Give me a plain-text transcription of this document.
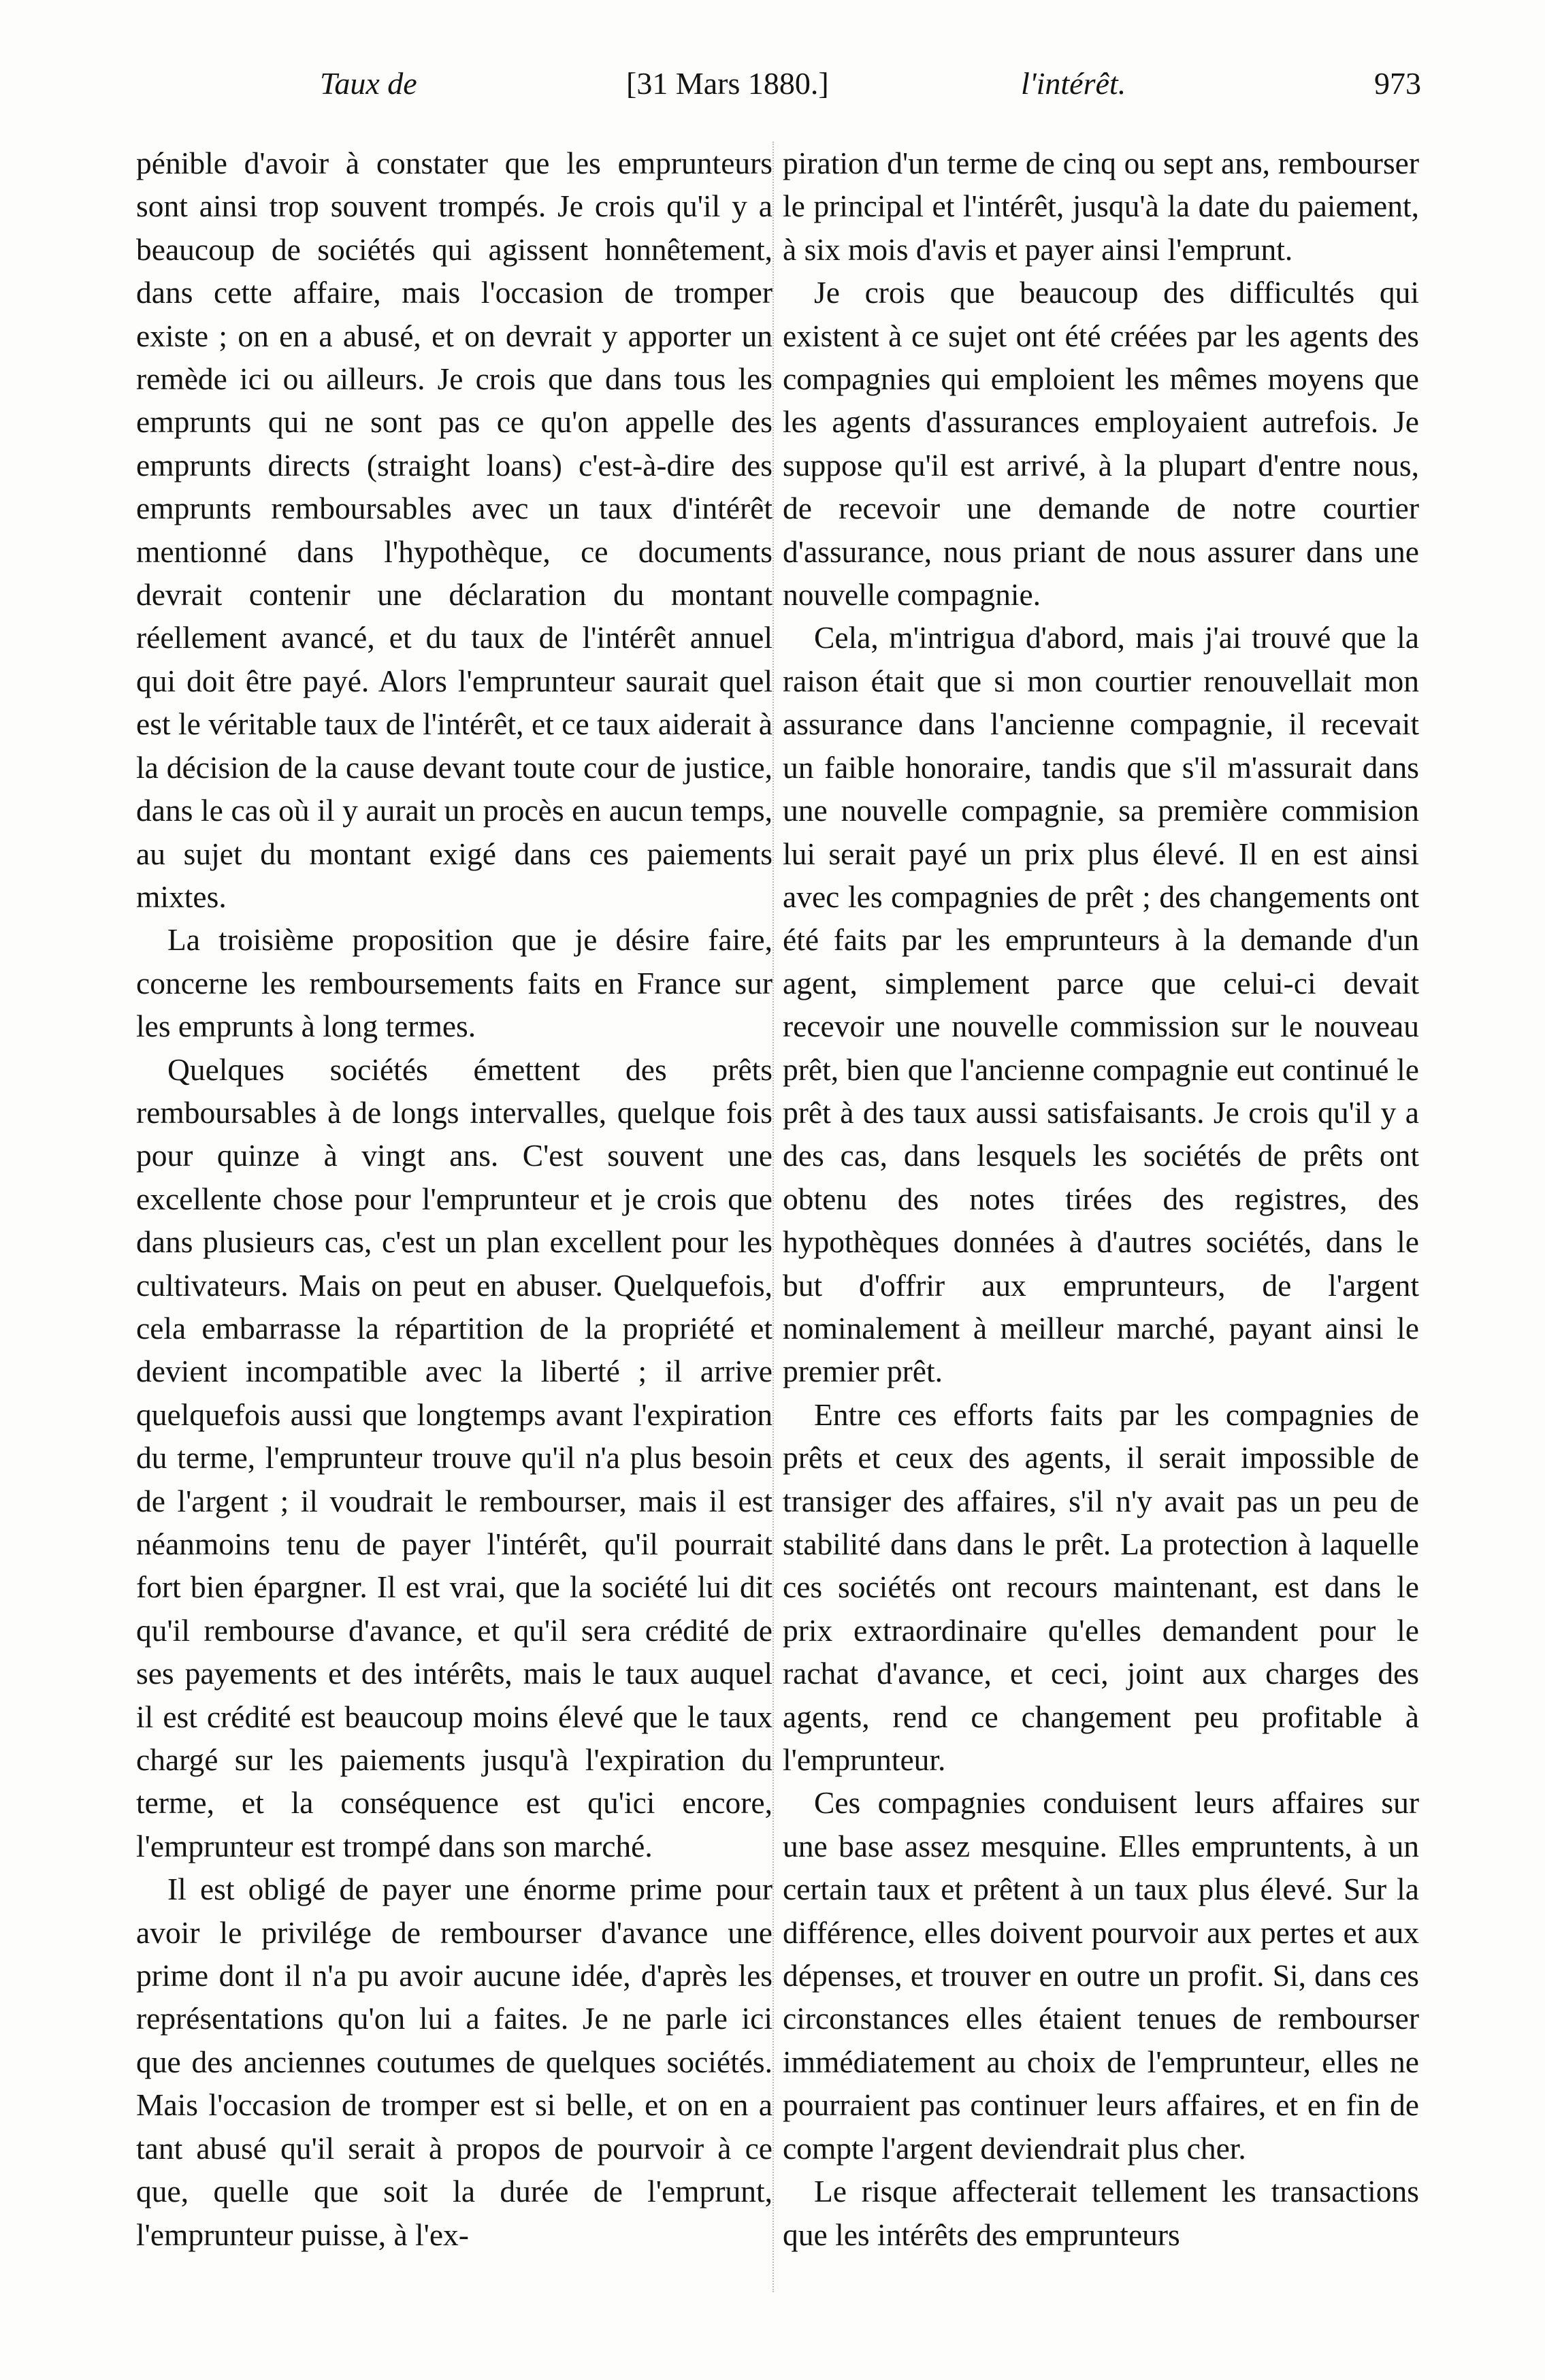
Taux de	[31 Mars 1880.]	l'intérêt.	973

pénible d'avoir à constater que les emprunteurs sont ainsi trop souvent trompés. Je crois qu'il y a beaucoup de sociétés qui agissent honnêtement, dans cette affaire, mais l'occasion de tromper existe ; on en a abusé, et on devrait y apporter un remède ici ou ailleurs. Je crois que dans tous les emprunts qui ne sont pas ce qu'on appelle des emprunts directs (straight loans) c'est-à-dire des emprunts remboursables avec un taux d'intérêt mentionné dans l'hypothèque, ce documents devrait contenir une déclaration du montant réellement avancé, et du taux de l'intérêt annuel qui doit être payé. Alors l'emprunteur saurait quel est le véritable taux de l'intérêt, et ce taux aiderait à la décision de la cause devant toute cour de justice, dans le cas où il y aurait un procès en aucun temps, au sujet du montant exigé dans ces paiements mixtes.

La troisième proposition que je désire faire, concerne les remboursements faits en France sur les emprunts à long termes.

Quelques sociétés émettent des prêts remboursables à de longs intervalles, quelque fois pour quinze à vingt ans. C'est souvent une excellente chose pour l'emprunteur et je crois que dans plusieurs cas, c'est un plan excellent pour les cultivateurs. Mais on peut en abuser. Quelquefois, cela embarrasse la répartition de la propriété et devient incompatible avec la liberté ; il arrive quelquefois aussi que longtemps avant l'expiration du terme, l'emprunteur trouve qu'il n'a plus besoin de l'argent ; il voudrait le rembourser, mais il est néanmoins tenu de payer l'intérêt, qu'il pourrait fort bien épargner. Il est vrai, que la société lui dit qu'il rembourse d'avance, et qu'il sera crédité de ses payements et des intérêts, mais le taux auquel il est crédité est beaucoup moins élevé que le taux chargé sur les paiements jusqu'à l'expiration du terme, et la conséquence est qu'ici encore, l'emprunteur est trompé dans son marché.

Il est obligé de payer une énorme prime pour avoir le privilége de rembourser d'avance une prime dont il n'a pu avoir aucune idée, d'après les représentations qu'on lui a faites. Je ne parle ici que des anciennes coutumes de quelques sociétés. Mais l'occasion de tromper est si belle, et on en a tant abusé qu'il serait à propos de pourvoir à ce que, quelle que soit la durée de l'emprunt, l'emprunteur puisse, à l'ex-

piration d'un terme de cinq ou sept ans, rembourser le principal et l'intérêt, jusqu'à la date du paiement, à six mois d'avis et payer ainsi l'emprunt.

Je crois que beaucoup des difficultés qui existent à ce sujet ont été créées par les agents des compagnies qui emploient les mêmes moyens que les agents d'assurances employaient autrefois. Je suppose qu'il est arrivé, à la plupart d'entre nous, de recevoir une demande de notre courtier d'assurance, nous priant de nous assurer dans une nouvelle compagnie.

Cela, m'intrigua d'abord, mais j'ai trouvé que la raison était que si mon courtier renouvellait mon assurance dans l'ancienne compagnie, il recevait un faible honoraire, tandis que s'il m'assurait dans une nouvelle compagnie, sa première commision lui serait payé un prix plus élevé. Il en est ainsi avec les compagnies de prêt ; des changements ont été faits par les emprunteurs à la demande d'un agent, simplement parce que celui-ci devait recevoir une nouvelle commission sur le nouveau prêt, bien que l'ancienne compagnie eut continué le prêt à des taux aussi satisfaisants. Je crois qu'il y a des cas, dans lesquels les sociétés de prêts ont obtenu des notes tirées des registres, des hypothèques données à d'autres sociétés, dans le but d'offrir aux emprunteurs, de l'argent nominalement à meilleur marché, payant ainsi le premier prêt.

Entre ces efforts faits par les compagnies de prêts et ceux des agents, il serait impossible de transiger des affaires, s'il n'y avait pas un peu de stabilité dans dans le prêt. La protection à laquelle ces sociétés ont recours maintenant, est dans le prix extraordinaire qu'elles demandent pour le rachat d'avance, et ceci, joint aux charges des agents, rend ce changement peu profitable à l'emprunteur.

Ces compagnies conduisent leurs affaires sur une base assez mesquine. Elles empruntents, à un certain taux et prêtent à un taux plus élevé. Sur la différence, elles doivent pourvoir aux pertes et aux dépenses, et trouver en outre un profit. Si, dans ces circonstances elles étaient tenues de rembourser immédiatement au choix de l'emprunteur, elles ne pourraient pas continuer leurs affaires, et en fin de compte l'argent deviendrait plus cher.

Le risque affecterait tellement les transactions que les intérêts des emprunteurs
